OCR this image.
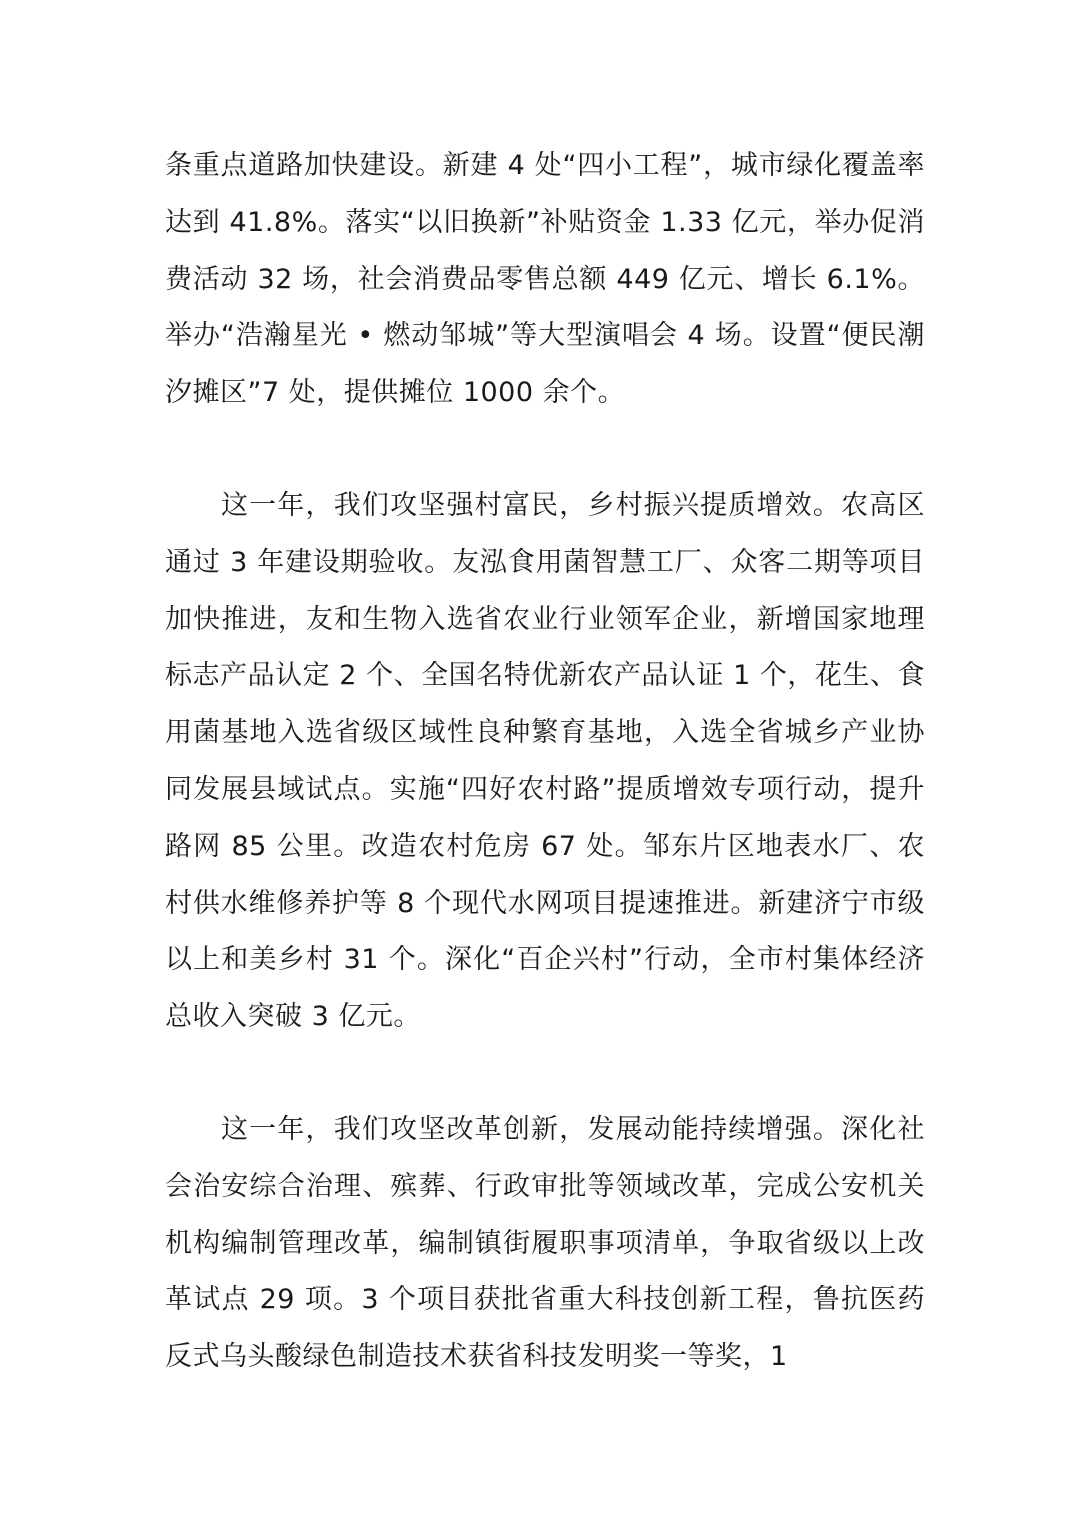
条重点道路加快建设。新建 4 处“四小工程”，城市绿化覆盖率达到 41.8%。落实“以旧换新”补贴资金 1.33 亿元，举办促消费活动 32 场，社会消费品零售总额 449 亿元、增长 6.1%。举办“浩瀚星光 • 燃动邹城”等大型演唱会 4 场。设置“便民潮汐摊区”7 处，提供摊位 1000 余个。

这一年，我们攻坚强村富民，乡村振兴提质增效。农高区通过 3 年建设期验收。友泓食用菌智慧工厂、众客二期等项目加快推进，友和生物入选省农业行业领军企业，新增国家地理标志产品认定 2 个、全国名特优新农产品认证 1 个，花生、食用菌基地入选省级区域性良种繁育基地，入选全省城乡产业协同发展县域试点。实施“四好农村路”提质增效专项行动，提升路网 85 公里。改造农村危房 67 处。邹东片区地表水厂、农村供水维修养护等 8 个现代水网项目提速推进。新建济宁市级以上和美乡村 31 个。深化“百企兴村”行动，全市村集体经济总收入突破 3 亿元。

这一年，我们攻坚改革创新，发展动能持续增强。深化社会治安综合治理、殡葬、行政审批等领域改革，完成公安机关机构编制管理改革，编制镇街履职事项清单，争取省级以上改革试点 29 项。3 个项目获批省重大科技创新工程，鲁抗医药反式乌头酸绿色制造技术获省科技发明奖一等奖，1
